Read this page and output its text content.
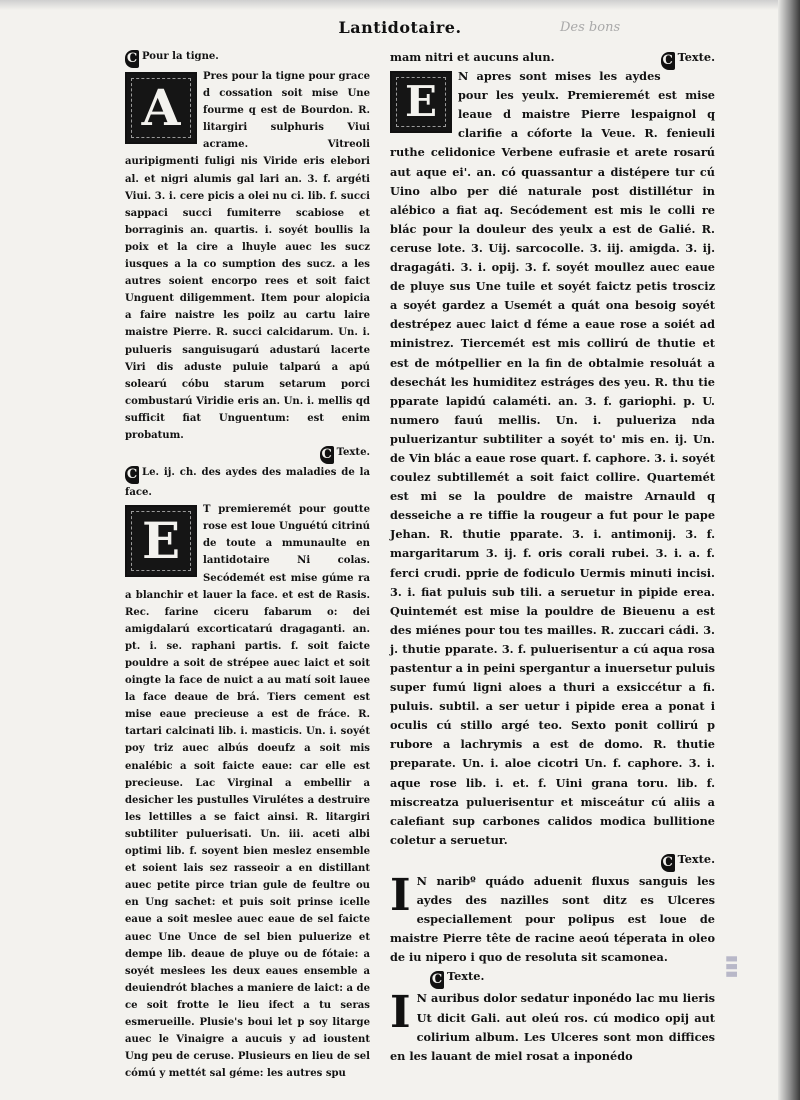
Lantidotaire.	Des bons
C Pour la tigne.

A
Pres pour la tigne pour grace d cossation soit mise Une fourme q est de Bourdon. R. litargiri sulphuris Viui acrame. Vitreoli auripigmenti fuligi nis Viride eris elebori al. et nigri alumis gal lari an. 3. f. argéti Viui. 3. i. cere picis a olei nu ci. lib. f. succi sappaci succi fumiterre scabiose et borraginis an. quartis. i. soyét boullis la poix et la cire a lhuyle auec les sucz iusques a la co sumption des sucz. a les autres soient encorpo rees et soit faict Unguent diligemment. Item pour alopicia a faire naistre les poilz au cartu laire maistre Pierre. R. succi calcidarum. Un. i. pulueris sanguisugarú adustarú lacerte Viri dis aduste puluie talparú a apú solearú cóbu starum setarum porci combustarú Viridie eris an. Un. i. mellis qd sufficit fiat Unguentum: est enim probatum.

C Texte.
C Le. ij. ch. des aydes des maladies de la face.

E
T premieremét pour goutte rose est loue Unguétú citrinú de toute a mmunaulte en lantidotaire Ni colas. Secódemét est mise gúme ra a blanchir et lauer la face. et est de Rasis. Rec. farine ciceru fabarum o: dei amigdalarú excorticatarú dragaganti. an. pt. i. se. raphani partis. f. soit faicte pouldre a soit de strépee auec laict et soit oingte la face de nuict a au matí soit lauee la face deaue de brá. Tiers cement est mise eaue precieuse a est de fráce. R. tartari calcinati lib. i. masticis. Un. i. soyét poy triz auec albús doeufz a soit mis enalébic a soit faicte eaue: car elle est precieuse. Lac Virginal a embellir a desicher les pustulles Virulétes a destruire les lettilles a se faict ainsi. R. litargiri subtiliter puluerisati. Un. iii. aceti albi optimi lib. f. soyent bien meslez ensemble et soient lais sez rasseoir a en distillant auec petite pirce trian gule de feultre ou en Ung sachet: et puis soit prinse icelle eaue a soit meslee auec eaue de sel faicte auec Une Unce de sel bien puluerize et dempe lib. deaue de pluye ou de fótaie: a soyét meslees les deux eaues ensemble a deuiendrót blaches a maniere de laict: a de ce soit frotte le lieu ifect a tu seras esmerueille. Plusie's boui let p soy litarge auec le Vinaigre a aucuis y ad ioustent Ung peu de ceruse. Plusieurs en lieu de sel cómú y mettét sal géme: les autres spu

mam nitri et aucuns alun.	C Texte.

E
N apres sont mises les aydes pour les yeulx. Premieremét est mise leaue d maistre Pierre lespaignol q clarifie a cóforte la Veue. R. fenieuli ruthe celidonice Verbene eufrasie et arete rosarú aut aque ei'. an. có quassantur a distépere tur cú Uino albo per dié naturale post distillétur in alébico a fiat aq. Secódement est mis le colli re blác pour la douleur des yeulx a est de Galié. R. ceruse lote. 3. Uij. sarcocolle. 3. iij. amigda. 3. ij. dragagáti. 3. i. opij. 3. f. soyét moullez auec eaue de pluye sus Une tuile et soyét faictz petis trosciz a soyét gardez a Usemét a quát ona besoig soyét destrépez auec laict d féme a eaue rose a soiét ad ministrez. Tiercemét est mis collirú de thutie et est de mótpellier en la fin de obtalmie resoluát a desechát les humiditez estráges des yeu. R. thu tie pparate lapidú calaméti. an. 3. f. gariophi. p. U. numero fauú mellis. Un. i. pulueriza nda puluerizantur subtiliter a soyét to' mis en. ij. Un. de Vin blác a eaue rose quart. f. caphore. 3. i. soyét coulez subtillemét a soit faict collire. Quartemét est mi se la pouldre de maistre Arnauld q desseiche a re tiffie la rougeur a fut pour le pape Jehan. R. thutie pparate. 3. i. antimonij. 3. f. margaritarum 3. ij. f. oris corali rubei. 3. i. a. f. ferci crudi. pprie de fodiculo Uermis minuti incisi. 3. i. fiat puluis sub tili. a seruetur in pipide erea. Quintemét est mise la pouldre de Bieuenu a est des miénes pour tou tes mailles. R. zuccari cádi. 3. j. thutie pparate. 3. f. puluerisentur a cú aqua rosa pastentur a in peini spergantur a inuersetur puluis super fumú ligni aloes a thuri a exsiccétur a fi. puluis. subtil. a ser uetur i pipide erea a ponat i oculis cú stillo argé teo. Sexto ponit collirú p rubore a lachrymis a est de domo. R. thutie preparate. Un. i. aloe cicotri Un. f. caphore. 3. i. aque rose lib. i. et. f. Uini grana toru. lib. f. miscreatza puluerisentur et misceátur cú aliis a calefiant sup carbones calidos modica bullitione coletur a seruetur.

C Texte.

I N naribº quádo aduenit fluxus sanguis les aydes des nazilles sont ditz es Ulceres especiallement pour polipus est loue de maistre Pierre tête de racine aeoú téperata in oleo de iu nipero i quo de resoluta sit scamonea.

C Texte.

I N auribus dolor sedatur inponédo lac mu lieris Ut dicit Gali. aut oleú ros. cú modico opij aut colirium album. Les Ulceres sont mon diffices en les lauant de miel rosat a inponédo

▮▮▮
